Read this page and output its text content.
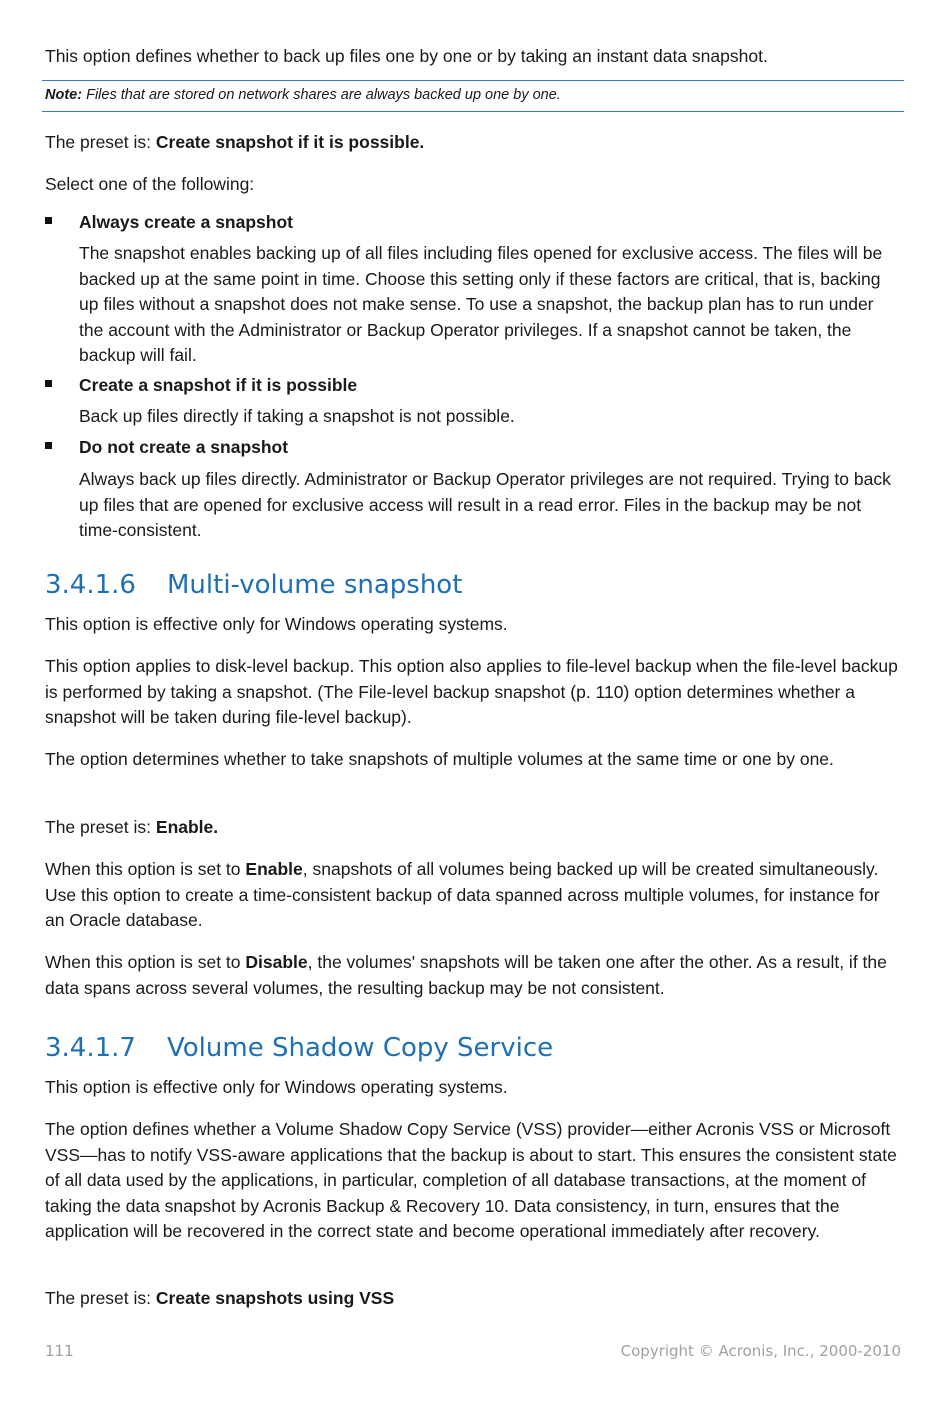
This option defines whether to back up files one by one or by taking an instant data snapshot.

Note: Files that are stored on network shares are always backed up one by one.

The preset is: Create snapshot if it is possible.

Select one of the following:

Always create a snapshot

The snapshot enables backing up of all files including files opened for exclusive access. The files will be backed up at the same point in time. Choose this setting only if these factors are critical, that is, backing up files without a snapshot does not make sense. To use a snapshot, the backup plan has to run under the account with the Administrator or Backup Operator privileges. If a snapshot cannot be taken, the backup will fail.

Create a snapshot if it is possible

Back up files directly if taking a snapshot is not possible.

Do not create a snapshot

Always back up files directly. Administrator or Backup Operator privileges are not required. Trying to back up files that are opened for exclusive access will result in a read error. Files in the backup may be not time-consistent.

3.4.1.6 Multi-volume snapshot

This option is effective only for Windows operating systems.

This option applies to disk-level backup. This option also applies to file-level backup when the file-level backup is performed by taking a snapshot. (The File-level backup snapshot (p. 110) option determines whether a snapshot will be taken during file-level backup).

The option determines whether to take snapshots of multiple volumes at the same time or one by one.

The preset is: Enable.

When this option is set to Enable, snapshots of all volumes being backed up will be created simultaneously. Use this option to create a time-consistent backup of data spanned across multiple volumes, for instance for an Oracle database.

When this option is set to Disable, the volumes' snapshots will be taken one after the other. As a result, if the data spans across several volumes, the resulting backup may be not consistent.

3.4.1.7 Volume Shadow Copy Service

This option is effective only for Windows operating systems.

The option defines whether a Volume Shadow Copy Service (VSS) provider—either Acronis VSS or Microsoft VSS—has to notify VSS-aware applications that the backup is about to start. This ensures the consistent state of all data used by the applications, in particular, completion of all database transactions, at the moment of taking the data snapshot by Acronis Backup & Recovery 10. Data consistency, in turn, ensures that the application will be recovered in the correct state and become operational immediately after recovery.

The preset is: Create snapshots using VSS

111	Copyright © Acronis, Inc., 2000-2010
